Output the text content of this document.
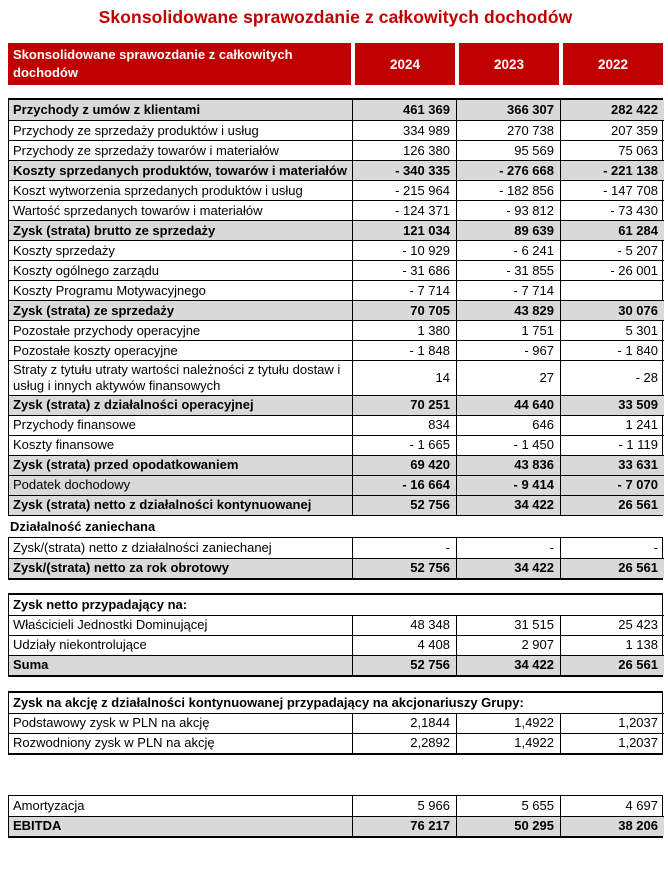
Skonsolidowane sprawozdanie z całkowitych dochodów
Skonsolidowane sprawozdanie z całkowitych dochodów
2024	2023	2022
Przychody z umów z klientami	461 369	366 307	282 422
Przychody ze sprzedaży produktów i usług	334 989	270 738	207 359
Przychody ze sprzedaży towarów i materiałów	126 380	95 569	75 063
Koszty sprzedanych produktów, towarów i materiałów	- 340 335	- 276 668	- 221 138
Koszt wytworzenia sprzedanych produktów i usług	- 215 964	- 182 856	- 147 708
Wartość sprzedanych towarów i materiałów	- 124 371	- 93 812	- 73 430
Zysk (strata) brutto ze sprzedaży	121 034	89 639	61 284
Koszty sprzedaży	- 10 929	- 6 241	- 5 207
Koszty ogólnego zarządu	- 31 686	- 31 855	- 26 001
Koszty Programu Motywacyjnego	- 7 714	- 7 714
Zysk (strata) ze sprzedaży	70 705	43 829	30 076
Pozostałe przychody operacyjne	1 380	1 751	5 301
Pozostałe koszty operacyjne	- 1 848	- 967	- 1 840
Straty z tytułu utraty wartości należności z tytułu dostaw i usług i innych aktywów finansowych
14	27	- 28
Zysk (strata) z działalności operacyjnej	70 251	44 640	33 509
Przychody finansowe	834	646	1 241
Koszty finansowe	- 1 665	- 1 450	- 1 119
Zysk (strata) przed opodatkowaniem	69 420	43 836	33 631
Podatek dochodowy	- 16 664	- 9 414	- 7 070
Zysk (strata) netto z działalności kontynuowanej	52 756	34 422	26 561
Działalność zaniechana
Zysk/(strata) netto z działalności zaniechanej	-	-	-
Zysk/(strata) netto za rok obrotowy	52 756	34 422	26 561
Zysk netto przypadający na:
Właścicieli Jednostki Dominującej	48 348	31 515	25 423
Udziały niekontrolujące	4 408	2 907	1 138
Suma	52 756	34 422	26 561
Zysk na akcję z działalności kontynuowanej przypadający na akcjonariuszy Grupy:
Podstawowy zysk w PLN na akcję	2,1844	1,4922	1,2037
Rozwodniony zysk w PLN na akcję	2,2892	1,4922	1,2037
Amortyzacja	5 966	5 655	4 697
EBITDA	76 217	50 295	38 206
